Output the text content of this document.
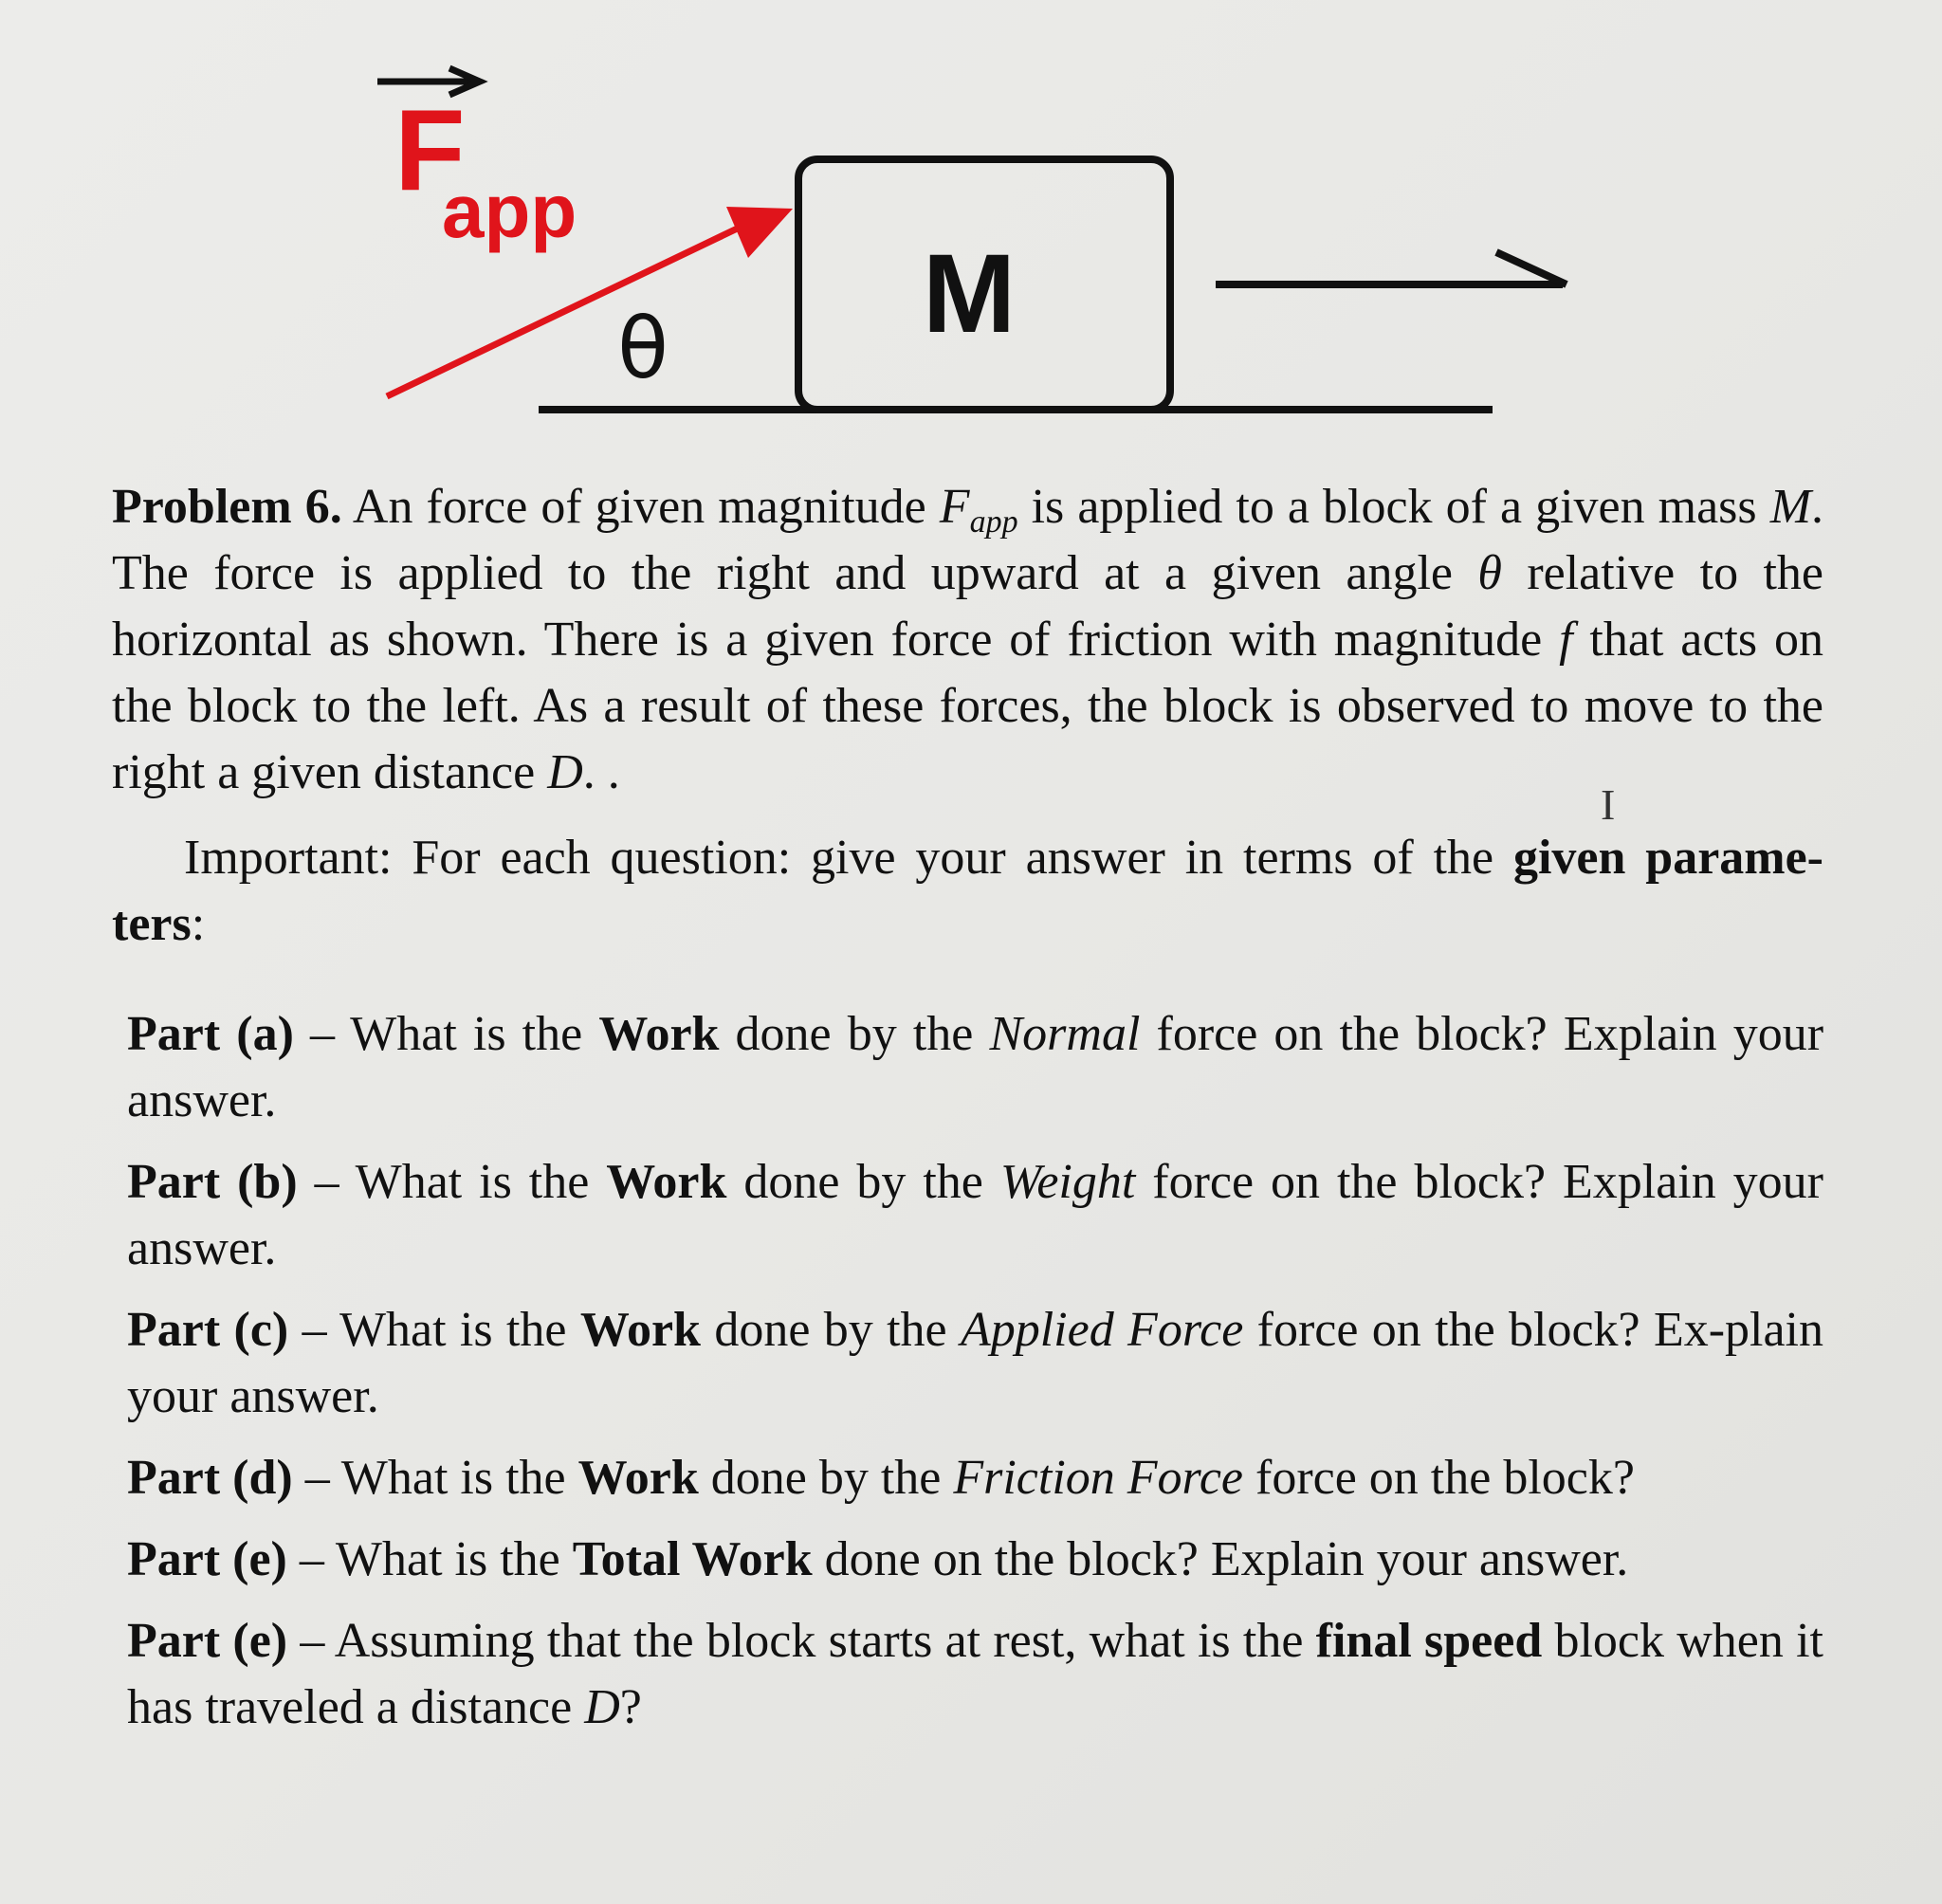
M
θ
F
app

Problem 6. An force of given magnitude $F_{app}$ is applied to a block of a given mass M. The force is applied to the right and upward at a given angle θ relative to the horizontal as shown. There is a given force of friction with magnitude f that acts on the block to the left. As a result of these forces, the block is observed to move to the right a given distance D. .

Important: For each question: give your answer in terms of the given parame-ters:

Part (a) – What is the Work done by the Normal force on the block? Explain your answer.

Part (b) – What is the Work done by the Weight force on the block? Explain your answer.

Part (c) – What is the Work done by the Applied Force force on the block? Ex-plain your answer.

Part (d) – What is the Work done by the Friction Force force on the block?

Part (e) – What is the Total Work done on the block? Explain your answer.

Part (e) – Assuming that the block starts at rest, what is the final speed block when it has traveled a distance D?

I
